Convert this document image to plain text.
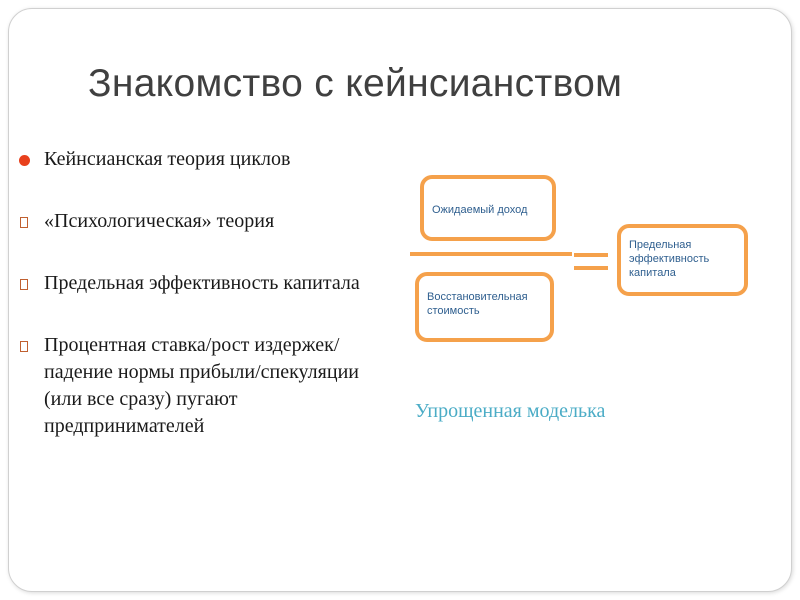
Знакомство с кейнсианством
Кейнсианская теория циклов
«Психологическая» теория
Предельная эффективность капитала
Процентная ставка/рост издержек/падение нормы прибыли/спекуляции (или все сразу) пугают предпринимателей
Ожидаемый доход
Восстановительная стоимость
Предельная эффективность капитала
Упрощенная моделька
